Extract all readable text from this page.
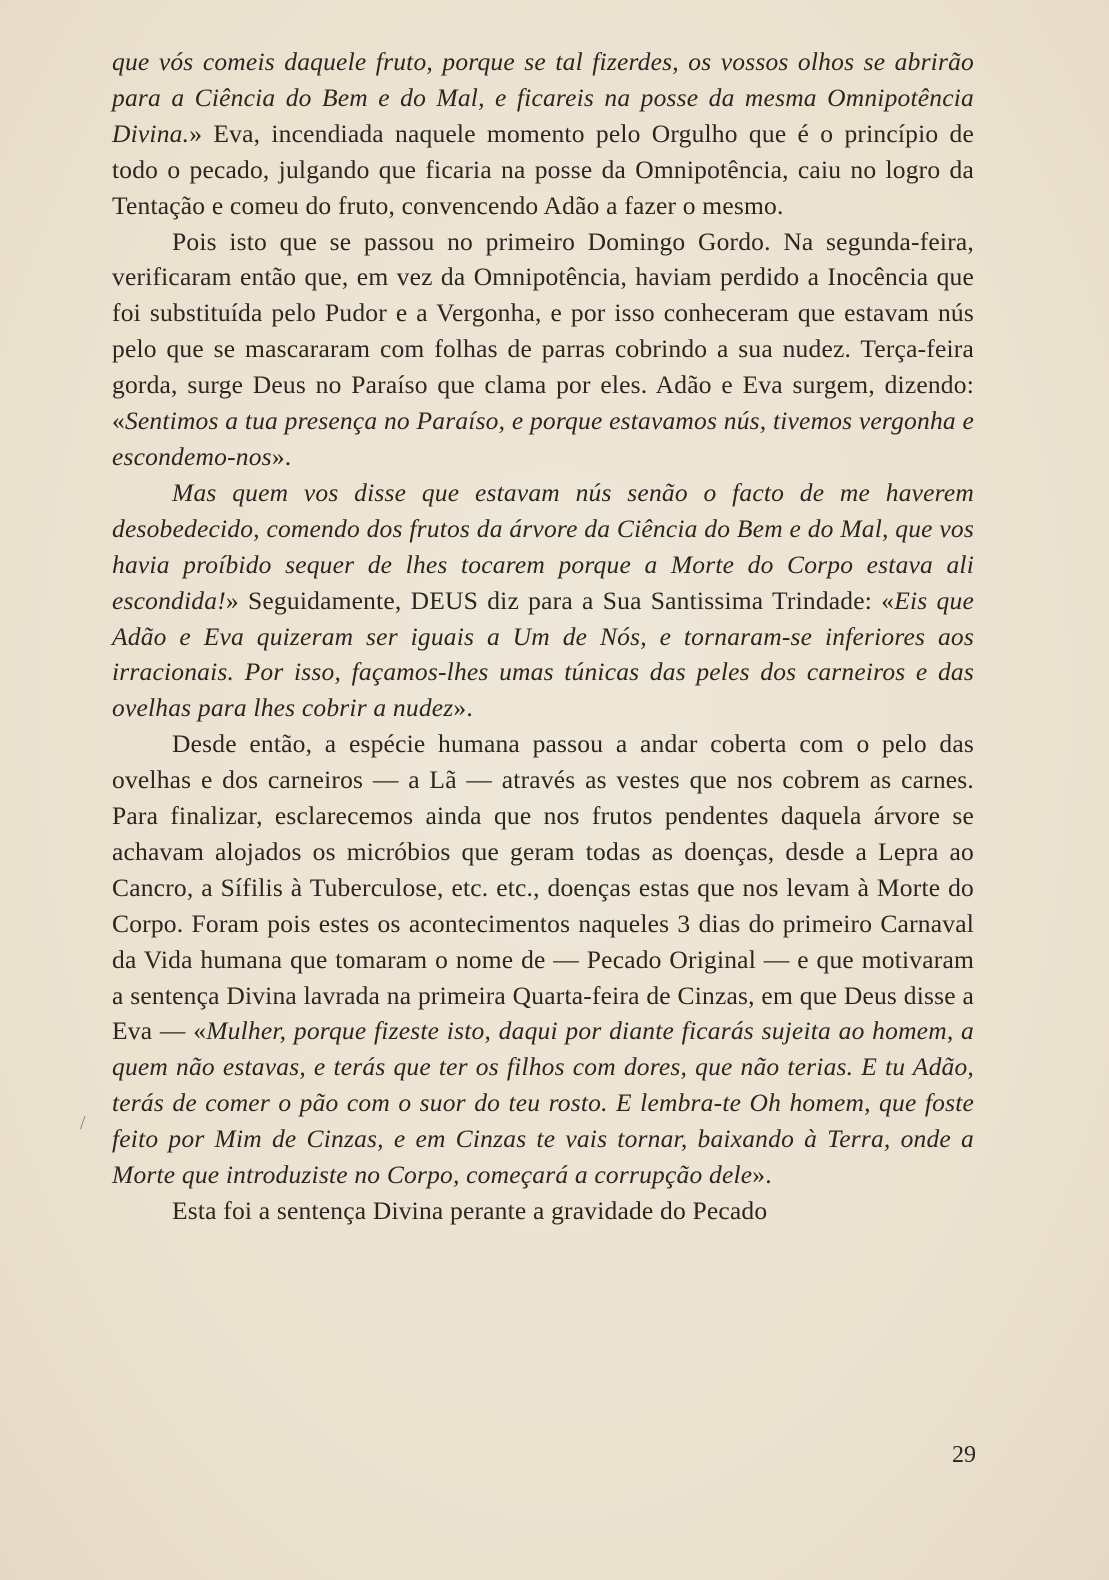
que vós comeis daquele fruto, porque se tal fizerdes, os vossos olhos se abrirão para a Ciência do Bem e do Mal, e ficareis na posse da mesma Omnipotência Divina.» Eva, incendiada naquele momento pelo Orgulho que é o princípio de todo o pecado, julgando que ficaria na posse da Omnipotência, caiu no logro da Tentação e comeu do fruto, convencendo Adão a fazer o mesmo.

Pois isto que se passou no primeiro Domingo Gordo. Na segunda-feira, verificaram então que, em vez da Omnipotência, haviam perdido a Inocência que foi substituída pelo Pudor e a Vergonha, e por isso conheceram que estavam nús pelo que se mascararam com folhas de parras cobrindo a sua nudez. Terça-feira gorda, surge Deus no Paraíso que clama por eles. Adão e Eva surgem, dizendo: «Sentimos a tua presença no Paraíso, e porque estavamos nús, tivemos vergonha e escondemo-nos».

Mas quem vos disse que estavam nús senão o facto de me haverem desobedecido, comendo dos frutos da árvore da Ciência do Bem e do Mal, que vos havia proíbido sequer de lhes tocarem porque a Morte do Corpo estava ali escondida!» Seguidamente, DEUS diz para a Sua Santissima Trindade: «Eis que Adão e Eva quizeram ser iguais a Um de Nós, e tornaram-se inferiores aos irracionais. Por isso, façamos-lhes umas túnicas das peles dos carneiros e das ovelhas para lhes cobrir a nudez».

Desde então, a espécie humana passou a andar coberta com o pelo das ovelhas e dos carneiros — a Lã — através as vestes que nos cobrem as carnes. Para finalizar, esclarecemos ainda que nos frutos pendentes daquela árvore se achavam alojados os micróbios que geram todas as doenças, desde a Lepra ao Cancro, a Sífilis à Tuberculose, etc. etc., doenças estas que nos levam à Morte do Corpo. Foram pois estes os acontecimentos naqueles 3 dias do primeiro Carnaval da Vida humana que tomaram o nome de — Pecado Original — e que motivaram a sentença Divina lavrada na primeira Quarta-feira de Cinzas, em que Deus disse a Eva — «Mulher, porque fizeste isto, daqui por diante ficarás sujeita ao homem, a quem não estavas, e terás que ter os filhos com dores, que não terias. E tu Adão, terás de comer o pão com o suor do teu rosto. E lembra-te Oh homem, que foste feito por Mim de Cinzas, e em Cinzas te vais tornar, baixando à Terra, onde a Morte que introduziste no Corpo, começará a corrupção dele».

Esta foi a sentença Divina perante a gravidade do Pecado

29
/
